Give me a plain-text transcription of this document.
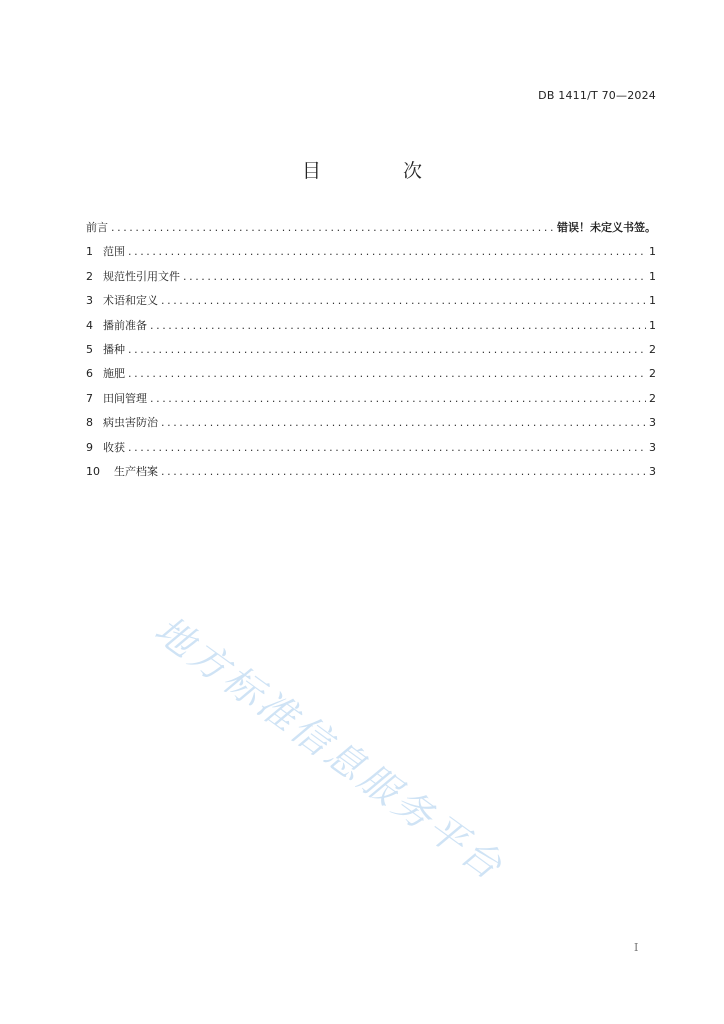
DB 1411/T 70—2024
目 次
前言 .....	错误！未定义书签。
1 范围 .....	1
2 规范性引用文件 .....	1
3 术语和定义 .....	1
4 播前准备 .....	1
5 播种 .....	2
6 施肥 .....	2
7 田间管理 .....	2
8 病虫害防治 .....	3
9 收获 .....	3
10 生产档案 .....	3
地方标准信息服务平台
I
